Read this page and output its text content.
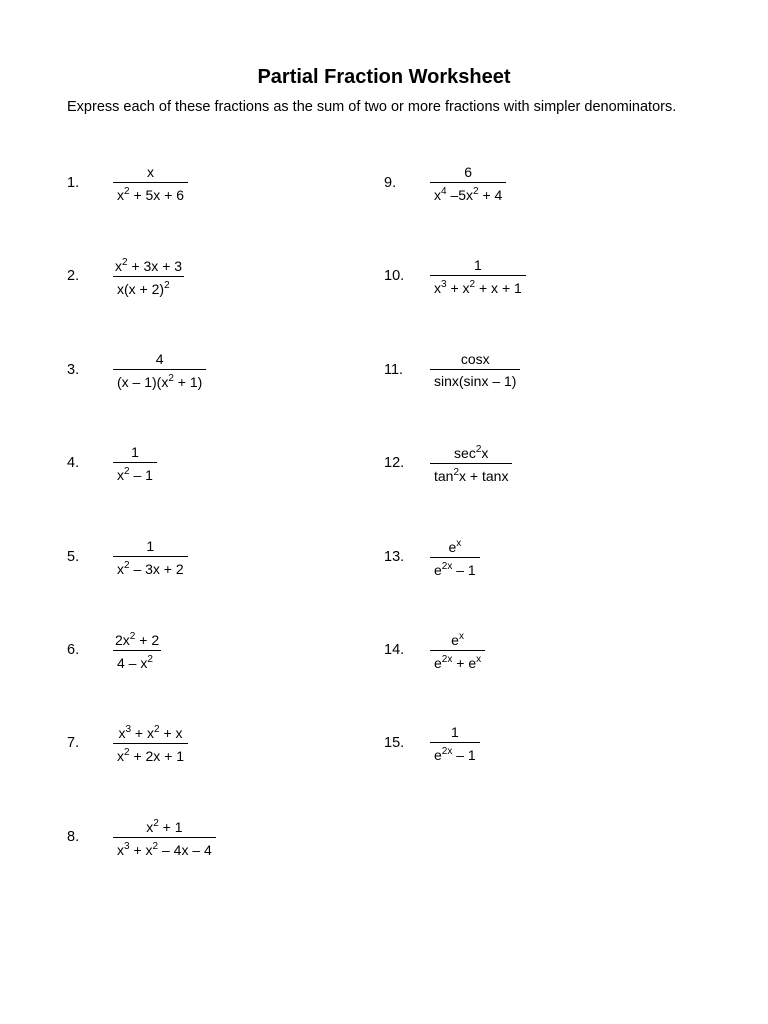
Partial Fraction Worksheet

Express each of these fractions as the sum of two or more fractions with simpler denominators.

1. $\frac{x}{x^2 + 5x + 6}$
2. $\frac{x^2 + 3x + 3}{x(x + 2)^2}$
3. $\frac{4}{(x - 1)(x^2 + 1)}$
4. $\frac{1}{x^2 - 1}$
5. $\frac{1}{x^2 - 3x + 2}$
6. $\frac{2x^2 + 2}{4 - x^2}$
7. $\frac{x^3 + x^2 + x}{x^2 + 2x + 1}$
8. $\frac{x^2 + 1}{x^3 + x^2 - 4x - 4}$
9. $\frac{6}{x^4 -5x^2 + 4}$
10. $\frac{1}{x^3 + x^2 + x + 1}$
11. $\frac{\cos x}{\sin x(\sin x - 1)}$
12.
$\sec^2x$
$\tan^2x + \tan x$
13. $\frac{e^x}{e^{2x} - 1}$
14. $\frac{e^x}{e^{2x} + e^x}$
15. $\frac{1}{e^{2x} - 1}$
